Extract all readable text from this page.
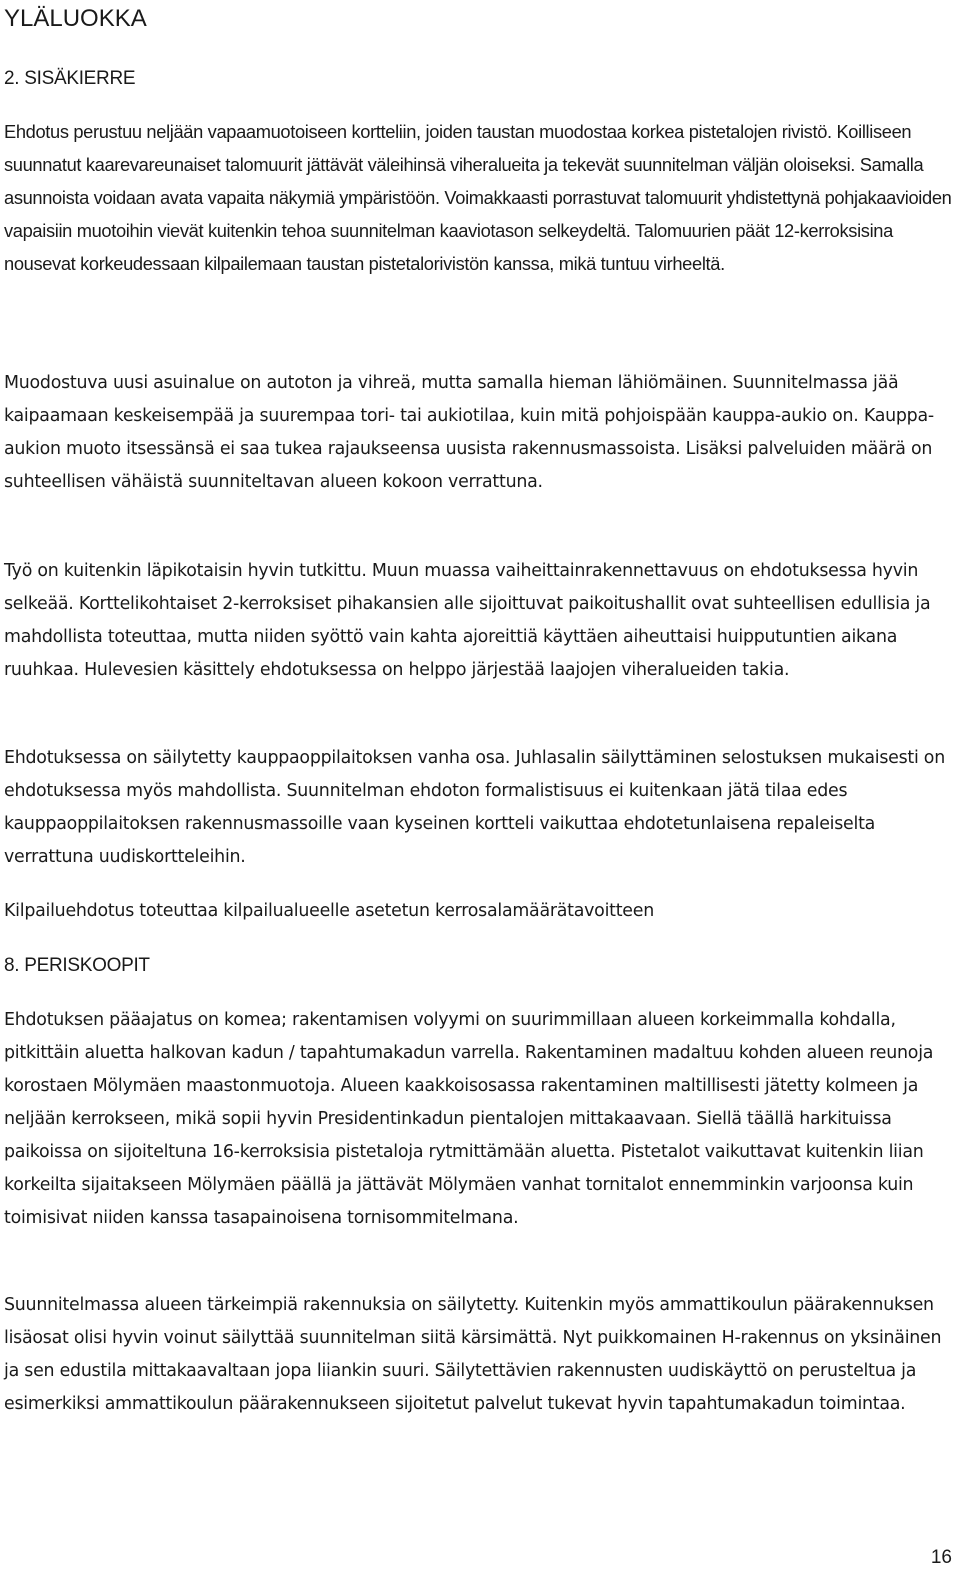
YLÄLUOKKA
2. SISÄKIERRE

Ehdotus perustuu neljään vapaamuotoiseen kortteliin, joiden taustan muodostaa korkea pistetalojen rivistö. Koilliseen suunnatut kaarevareunaiset talomuurit jättävät väleihinsä viheralueita ja tekevät suunnitelman väljän oloiseksi. Samalla asunnoista voidaan avata vapaita näkymiä ympäristöön. Voimakkaasti porrastuvat talomuurit yhdistettynä pohjakaavioiden vapaisiin muotoihin vievät kuitenkin tehoa suunnitelman kaaviotason selkeydeltä. Talomuurien päät 12-kerroksisina nousevat korkeudessaan kilpailemaan taustan pistetalorivistön kanssa, mikä tuntuu virheeltä.

Muodostuva uusi asuinalue on autoton ja vihreä, mutta samalla hieman lähiömäinen. Suunnitelmassa jää kaipaamaan keskeisempää ja suurempaa tori- tai aukiotilaa, kuin mitä pohjoispään kauppa-aukio on. Kauppa-aukion muoto itsessänsä ei saa tukea rajaukseensa uusista rakennusmassoista. Lisäksi palveluiden määrä on suhteellisen vähäistä suunniteltavan alueen kokoon verrattuna.

Työ on kuitenkin läpikotaisin hyvin tutkittu. Muun muassa vaiheittainrakennettavuus on ehdotuksessa hyvin selkeää. Korttelikohtaiset 2-kerroksiset pihakansien alle sijoittuvat paikoitushallit ovat suhteellisen edullisia ja mahdollista toteuttaa, mutta niiden syöttö vain kahta ajoreittiä käyttäen aiheuttaisi huipputuntien aikana ruuhkaa. Hulevesien käsittely ehdotuksessa on helppo järjestää laajojen viheralueiden takia.

Ehdotuksessa on säilytetty kauppaoppilaitoksen vanha osa. Juhlasalin säilyttäminen selostuksen mukaisesti on ehdotuksessa myös mahdollista. Suunnitelman ehdoton formalistisuus ei kuitenkaan jätä tilaa edes kauppaoppilaitoksen rakennusmassoille vaan kyseinen kortteli vaikuttaa ehdotetunlaisena repaleiselta verrattuna uudiskortteleihin.

Kilpailuehdotus toteuttaa kilpailualueelle asetetun kerrosalamäärätavoitteen

8. PERISKOOPIT

Ehdotuksen pääajatus on komea; rakentamisen volyymi on suurimmillaan alueen korkeimmalla kohdalla, pitkittäin aluetta halkovan kadun / tapahtumakadun varrella. Rakentaminen madaltuu kohden alueen reunoja korostaen Mölymäen maastonmuotoja. Alueen kaakkoisosassa rakentaminen maltillisesti jätetty kolmeen ja neljään kerrokseen, mikä sopii hyvin Presidentinkadun pientalojen mittakaavaan. Siellä täällä harkituissa paikoissa on sijoiteltuna 16-kerroksisia pistetaloja rytmittämään aluetta. Pistetalot vaikuttavat kuitenkin liian korkeilta sijaitakseen Mölymäen päällä ja jättävät Mölymäen vanhat tornitalot ennemminkin varjoonsa kuin toimisivat niiden kanssa tasapainoisena tornisommitelmana.

Suunnitelmassa alueen tärkeimpiä rakennuksia on säilytetty. Kuitenkin myös ammattikoulun päärakennuksen lisäosat olisi hyvin voinut säilyttää suunnitelman siitä kärsimättä. Nyt puikkomainen H-rakennus on yksinäinen ja sen edustila mittakaavaltaan jopa liiankin suuri. Säilytettävien rakennusten uudiskäyttö on perusteltua ja esimerkiksi ammattikoulun päärakennukseen sijoitetut palvelut tukevat hyvin tapahtumakadun toimintaa.

16
